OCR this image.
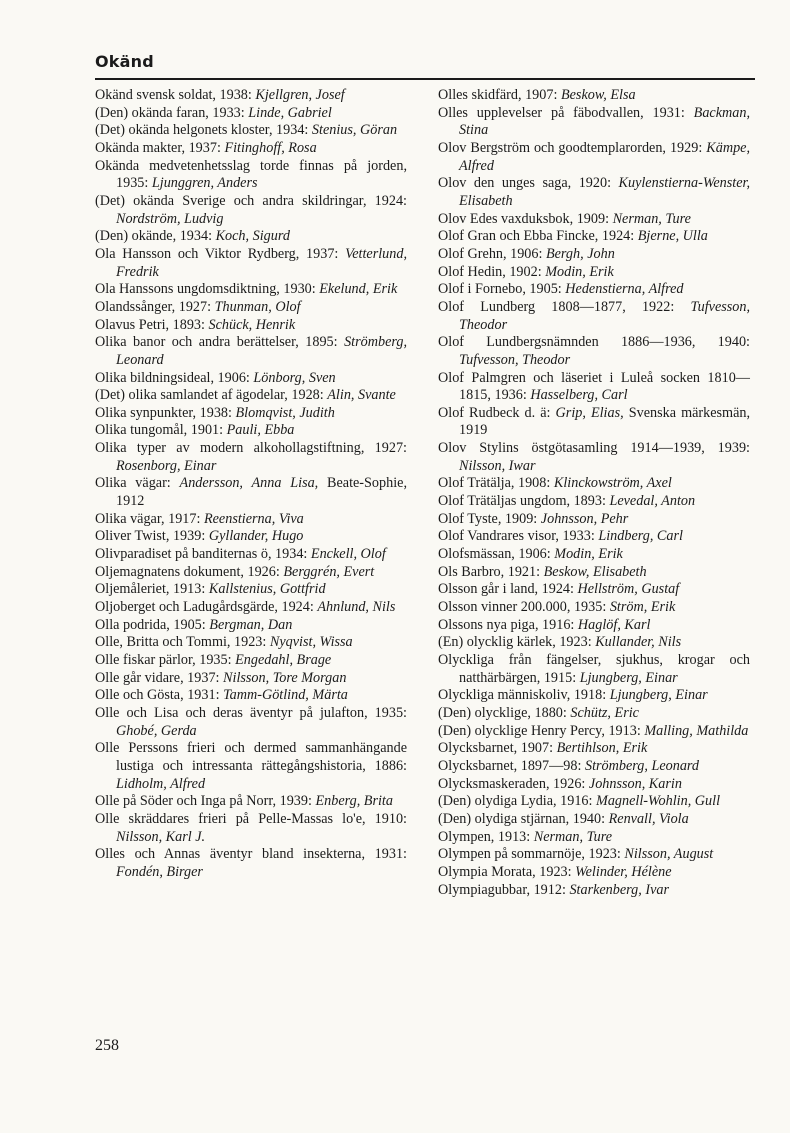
Okänd
Okänd svensk soldat, 1938: Kjellgren, Josef
(Den) okända faran, 1933: Linde, Gabriel
(Det) okända helgonets kloster, 1934: Stenius, Göran
Okända makter, 1937: Fitinghoff, Rosa
Okända medvetenhetsslag torde finnas på jorden, 1935: Ljunggren, Anders
(Det) okända Sverige och andra skildringar, 1924: Nordström, Ludvig
(Den) okände, 1934: Koch, Sigurd
Ola Hansson och Viktor Rydberg, 1937: Vetterlund, Fredrik
Ola Hanssons ungdomsdiktning, 1930: Ekelund, Erik
Olandssånger, 1927: Thunman, Olof
Olavus Petri, 1893: Schück, Henrik
Olika banor och andra berättelser, 1895: Strömberg, Leonard
Olika bildningsideal, 1906: Lönborg, Sven
(Det) olika samlandet af ägodelar, 1928: Alin, Svante
Olika synpunkter, 1938: Blomqvist, Judith
Olika tungomål, 1901: Pauli, Ebba
Olika typer av modern alkohollagstiftning, 1927: Rosenborg, Einar
Olika vägar: Andersson, Anna Lisa, Beate-Sophie, 1912
Olika vägar, 1917: Reenstierna, Viva
Oliver Twist, 1939: Gyllander, Hugo
Olivparadiset på banditernas ö, 1934: Enckell, Olof
Oljemagnatens dokument, 1926: Berggrén, Evert
Oljemåleriet, 1913: Kallstenius, Gottfrid
Oljoberget och Ladugårdsgärde, 1924: Ahnlund, Nils
Olla podrida, 1905: Bergman, Dan
Olle, Britta och Tommi, 1923: Nyqvist, Wissa
Olle fiskar pärlor, 1935: Engedahl, Brage
Olle går vidare, 1937: Nilsson, Tore Morgan
Olle och Gösta, 1931: Tamm-Götlind, Märta
Olle och Lisa och deras äventyr på julafton, 1935: Ghobé, Gerda
Olle Perssons frieri och dermed sammanhängande lustiga och intressanta rättegångshistoria, 1886: Lidholm, Alfred
Olle på Söder och Inga på Norr, 1939: Enberg, Brita
Olle skräddares frieri på Pelle-Massas lo'e, 1910: Nilsson, Karl J.
Olles och Annas äventyr bland insekterna, 1931: Fondén, Birger
Olles skidfärd, 1907: Beskow, Elsa
Olles upplevelser på fäbodvallen, 1931: Backman, Stina
Olov Bergström och goodtemplarorden, 1929: Kämpe, Alfred
Olov den unges saga, 1920: Kuylenstierna-Wenster, Elisabeth
Olov Edes vaxduksbok, 1909: Nerman, Ture
Olof Gran och Ebba Fincke, 1924: Bjerne, Ulla
Olof Grehn, 1906: Bergh, John
Olof Hedin, 1902: Modin, Erik
Olof i Fornebo, 1905: Hedenstierna, Alfred
Olof Lundberg 1808—1877, 1922: Tufvesson, Theodor
Olof Lundbergsnämnden 1886—1936, 1940: Tufvesson, Theodor
Olof Palmgren och läseriet i Luleå socken 1810—1815, 1936: Hasselberg, Carl
Olof Rudbeck d. ä: Grip, Elias, Svenska märkesmän, 1919
Olov Stylins östgötasamling 1914—1939, 1939: Nilsson, Iwar
Olof Trätälja, 1908: Klinckowström, Axel
Olof Trätäljas ungdom, 1893: Levedal, Anton
Olof Tyste, 1909: Johnsson, Pehr
Olof Vandrares visor, 1933: Lindberg, Carl
Olofsmässan, 1906: Modin, Erik
Ols Barbro, 1921: Beskow, Elisabeth
Olsson går i land, 1924: Hellström, Gustaf
Olsson vinner 200.000, 1935: Ström, Erik
Olssons nya piga, 1916: Haglöf, Karl
(En) olycklig kärlek, 1923: Kullander, Nils
Olyckliga från fängelser, sjukhus, krogar och natthärbärgen, 1915: Ljungberg, Einar
Olyckliga människoliv, 1918: Ljungberg, Einar
(Den) olycklige, 1880: Schütz, Eric
(Den) olycklige Henry Percy, 1913: Malling, Mathilda
Olycksbarnet, 1907: Bertihlson, Erik
Olycksbarnet, 1897—98: Strömberg, Leonard
Olycksmaskeraden, 1926: Johnsson, Karin
(Den) olydiga Lydia, 1916: Magnell-Wohlin, Gull
(Den) olydiga stjärnan, 1940: Renvall, Viola
Olympen, 1913: Nerman, Ture
Olympen på sommarnöje, 1923: Nilsson, August
Olympia Morata, 1923: Welinder, Hélène
Olympiagubbar, 1912: Starkenberg, Ivar
258
